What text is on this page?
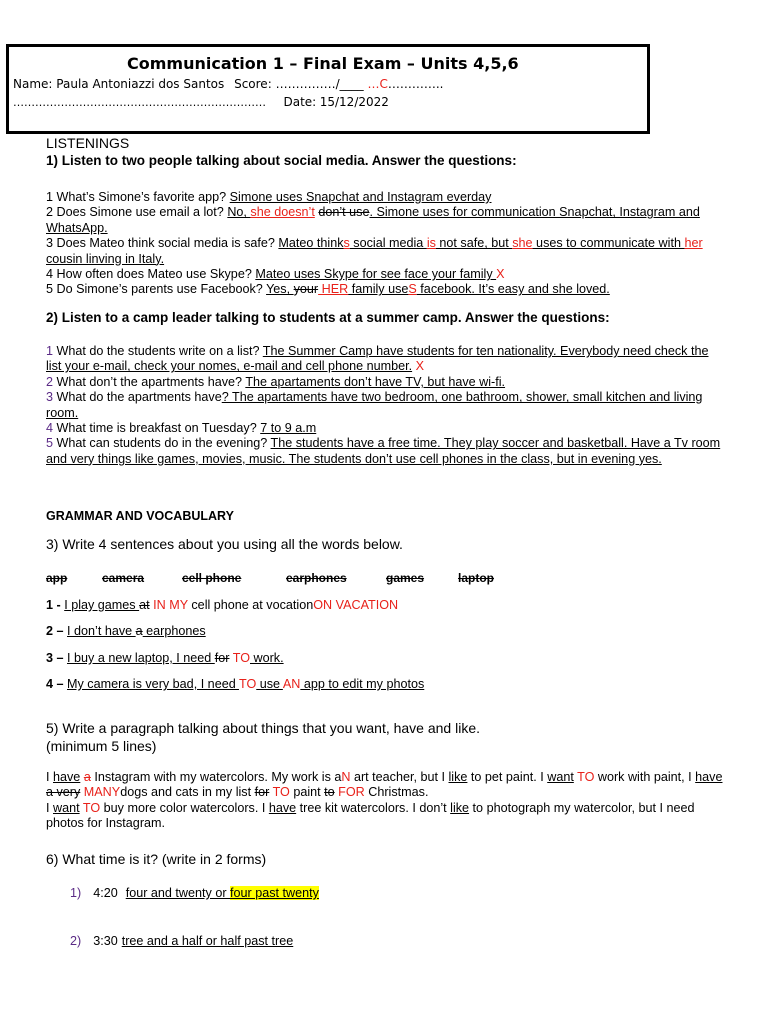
Communication 1 – Final Exam – Units 4,5,6
Name: Paula Antoniazzi dos Santos Score: ……………/____ …C…………..
…………………………………………………………… Date: 15/12/2022
LISTENINGS
1) Listen to two people talking about social media. Answer the questions:

1 What’s Simone’s favorite app? Simone uses Snapchat and Instagram everday

2 Does Simone use email a lot? No, she doesn’t don’t use. Simone uses for communication Snapchat, Instagram and WhatsApp.

3 Does Mateo think social media is safe? Mateo thinks social media is not safe, but she uses to communicate with her cousin linving in Italy.

4 How often does Mateo use Skype? Mateo uses Skype for see face your family X

5 Do Simone’s parents use Facebook? Yes, your HER family useS facebook. It’s easy and she loved.

2) Listen to a camp leader talking to students at a summer camp. Answer the questions:

1 What do the students write on a list? The Summer Camp have students for ten nationality. Everybody need check the list your e-mail, check your nomes, e-mail and cell phone number. X

2 What don’t the apartments have? The apartaments don’t have TV, but have wi-fi.

3 What do the apartments have? The apartaments have two bedroom, one bathroom, shower, small kitchen and living room.

4 What time is breakfast on Tuesday? 7 to 9 a.m

5 What can students do in the evening? The students have a free time. They play soccer and basketball. Have a Tv room and very things like games, movies, music. The students don’t use cell phones in the class, but in evening yes.

GRAMMAR AND VOCABULARY
3) Write 4 sentences about you using all the words below.
app	camera	cell phone	earphones	games	laptop
1 - I play games at IN MY cell phone at vocationON VACATION
2 – I don’t have a earphones
3 – I buy a new laptop, I need for TO work.
4 – My camera is very bad, I need TO use AN app to edit my photos
5) Write a paragraph talking about things that you want, have and like.
(minimum 5 lines)

I have a Instagram with my watercolors. My work is aN art teacher, but I like to pet paint. I want TO work with paint, I have a very MANYdogs and cats in my list for TO paint to FOR Christmas.

I want TO buy more color watercolors. I have tree kit watercolors. I don’t like to photograph my watercolor, but I need photos for Instagram.

6) What time is it? (write in 2 forms)
1) 4:20 four and twenty or four past twenty
2) 3:30 tree and a half or half past tree
